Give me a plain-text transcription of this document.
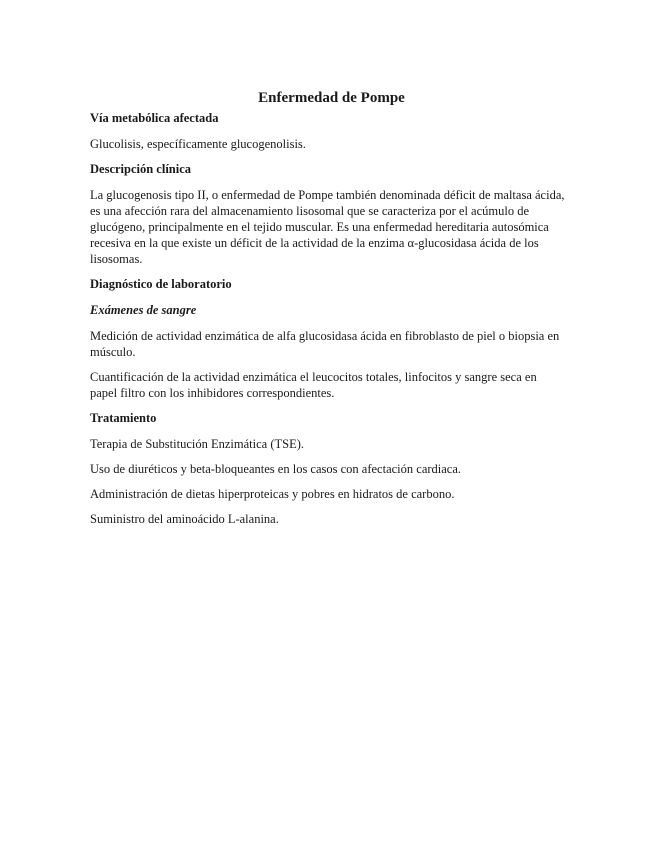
Enfermedad de Pompe
Vía metabólica afectada

Glucolisis, específicamente glucogenolisis.

Descripción clínica

La glucogenosis tipo II, o enfermedad de Pompe también denominada déficit de maltasa ácida, es una afección rara del almacenamiento lisosomal que se caracteriza por el acúmulo de glucógeno, principalmente en el tejido muscular. Es una enfermedad hereditaria autosómica recesiva en la que existe un déficit de la actividad de la enzima α-glucosidasa ácida de los lisosomas.

Diagnóstico de laboratorio
Exámenes de sangre

Medición de actividad enzimática de alfa glucosidasa ácida en fibroblasto de piel o biopsia en músculo.

Cuantificación de la actividad enzimática el leucocitos totales, linfocitos y sangre seca en papel filtro con los inhibidores correspondientes.

Tratamiento

Terapia de Substitución Enzimática (TSE).

Uso de diuréticos y beta-bloqueantes en los casos con afectación cardiaca.

Administración de dietas hiperproteicas y pobres en hidratos de carbono.

Suministro del aminoácido L-alanina.
